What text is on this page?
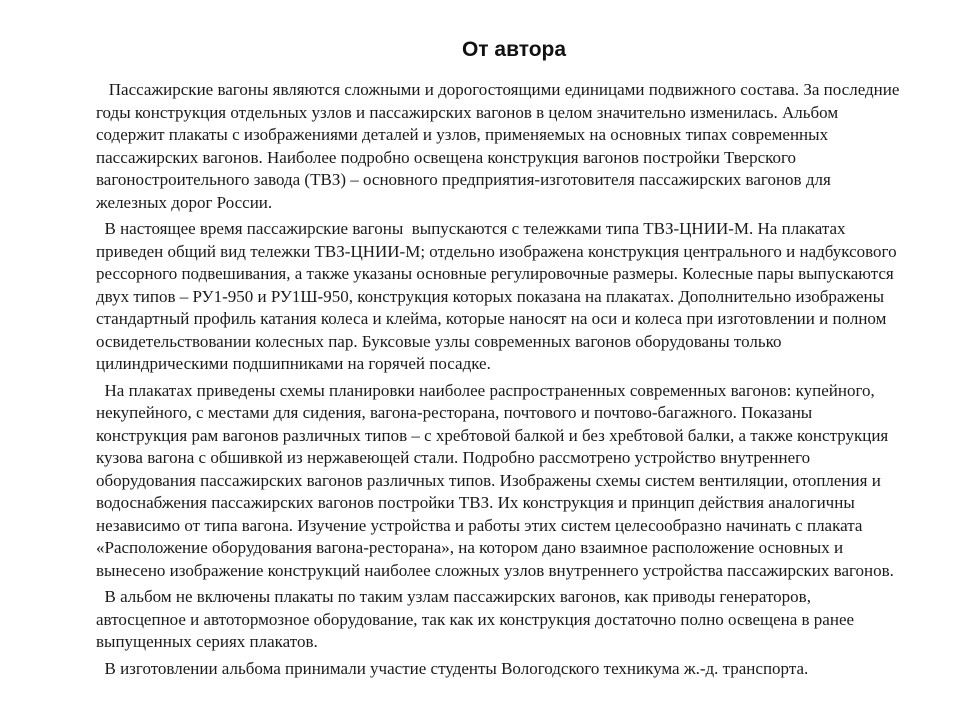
От автора

Пассажирские вагоны являются сложными и дорогостоящими единицами подвижного состава. За последние годы конструкция отдельных узлов и пассажирских вагонов в целом значительно изменилась. Альбом  содержит плакаты с изображениями деталей и узлов, применяемых на основных типах современных пассажирских вагонов. Наиболее подробно освещена конструкция вагонов постройки Тверского вагоностроительного завода (ТВЗ) – основного предприятия-изготовителя пассажирских вагонов для железных дорог России.

В настоящее время пассажирские вагоны  выпускаются с тележками типа ТВЗ-ЦНИИ-М. На плакатах приведен общий вид тележки ТВЗ-ЦНИИ-М; отдельно изображена конструкция центрального и надбуксового рессорного подвешивания, а также указаны основные регулировочные размеры. Колесные пары выпускаются двух типов – РУ1-950 и РУ1Ш-950, конструкция которых показана на плакатах. Дополнительно изображены стандартный профиль катания колеса и клейма, которые наносят на оси и колеса при изготовлении и полном освидетельствовании колесных пар. Буксовые узлы современных вагонов оборудованы только цилиндрическими подшипниками на горячей посадке.

На плакатах приведены схемы планировки наиболее распространенных современных вагонов: купейного, некупейного, с местами для сидения, вагона-ресторана, почтового и почтово-багажного. Показаны конструкция рам вагонов различных типов – с хребтовой балкой и без хребтовой балки, а также конструкция кузова вагона с обшивкой из нержавеющей стали. Подробно рассмотрено устройство внутреннего оборудования пассажирских вагонов различных типов. Изображены схемы систем вентиляции, отопления и водоснабжения пассажирских вагонов постройки ТВЗ. Их конструкция и принцип действия аналогичны независимо от типа вагона. Изучение устройства и работы этих систем целесообразно начинать с плаката «Расположение оборудования вагона-ресторана», на котором дано взаимное расположение основных и вынесено изображение конструкций наиболее сложных узлов внутреннего устройства пассажирских вагонов.

В альбом не включены плакаты по таким узлам пассажирских вагонов, как приводы генераторов, автосцепное и автотормозное оборудование, так как их конструкция достаточно полно освещена в ранее выпущенных сериях плакатов.

В изготовлении альбома принимали участие студенты Вологодского техникума ж.-д. транспорта.
